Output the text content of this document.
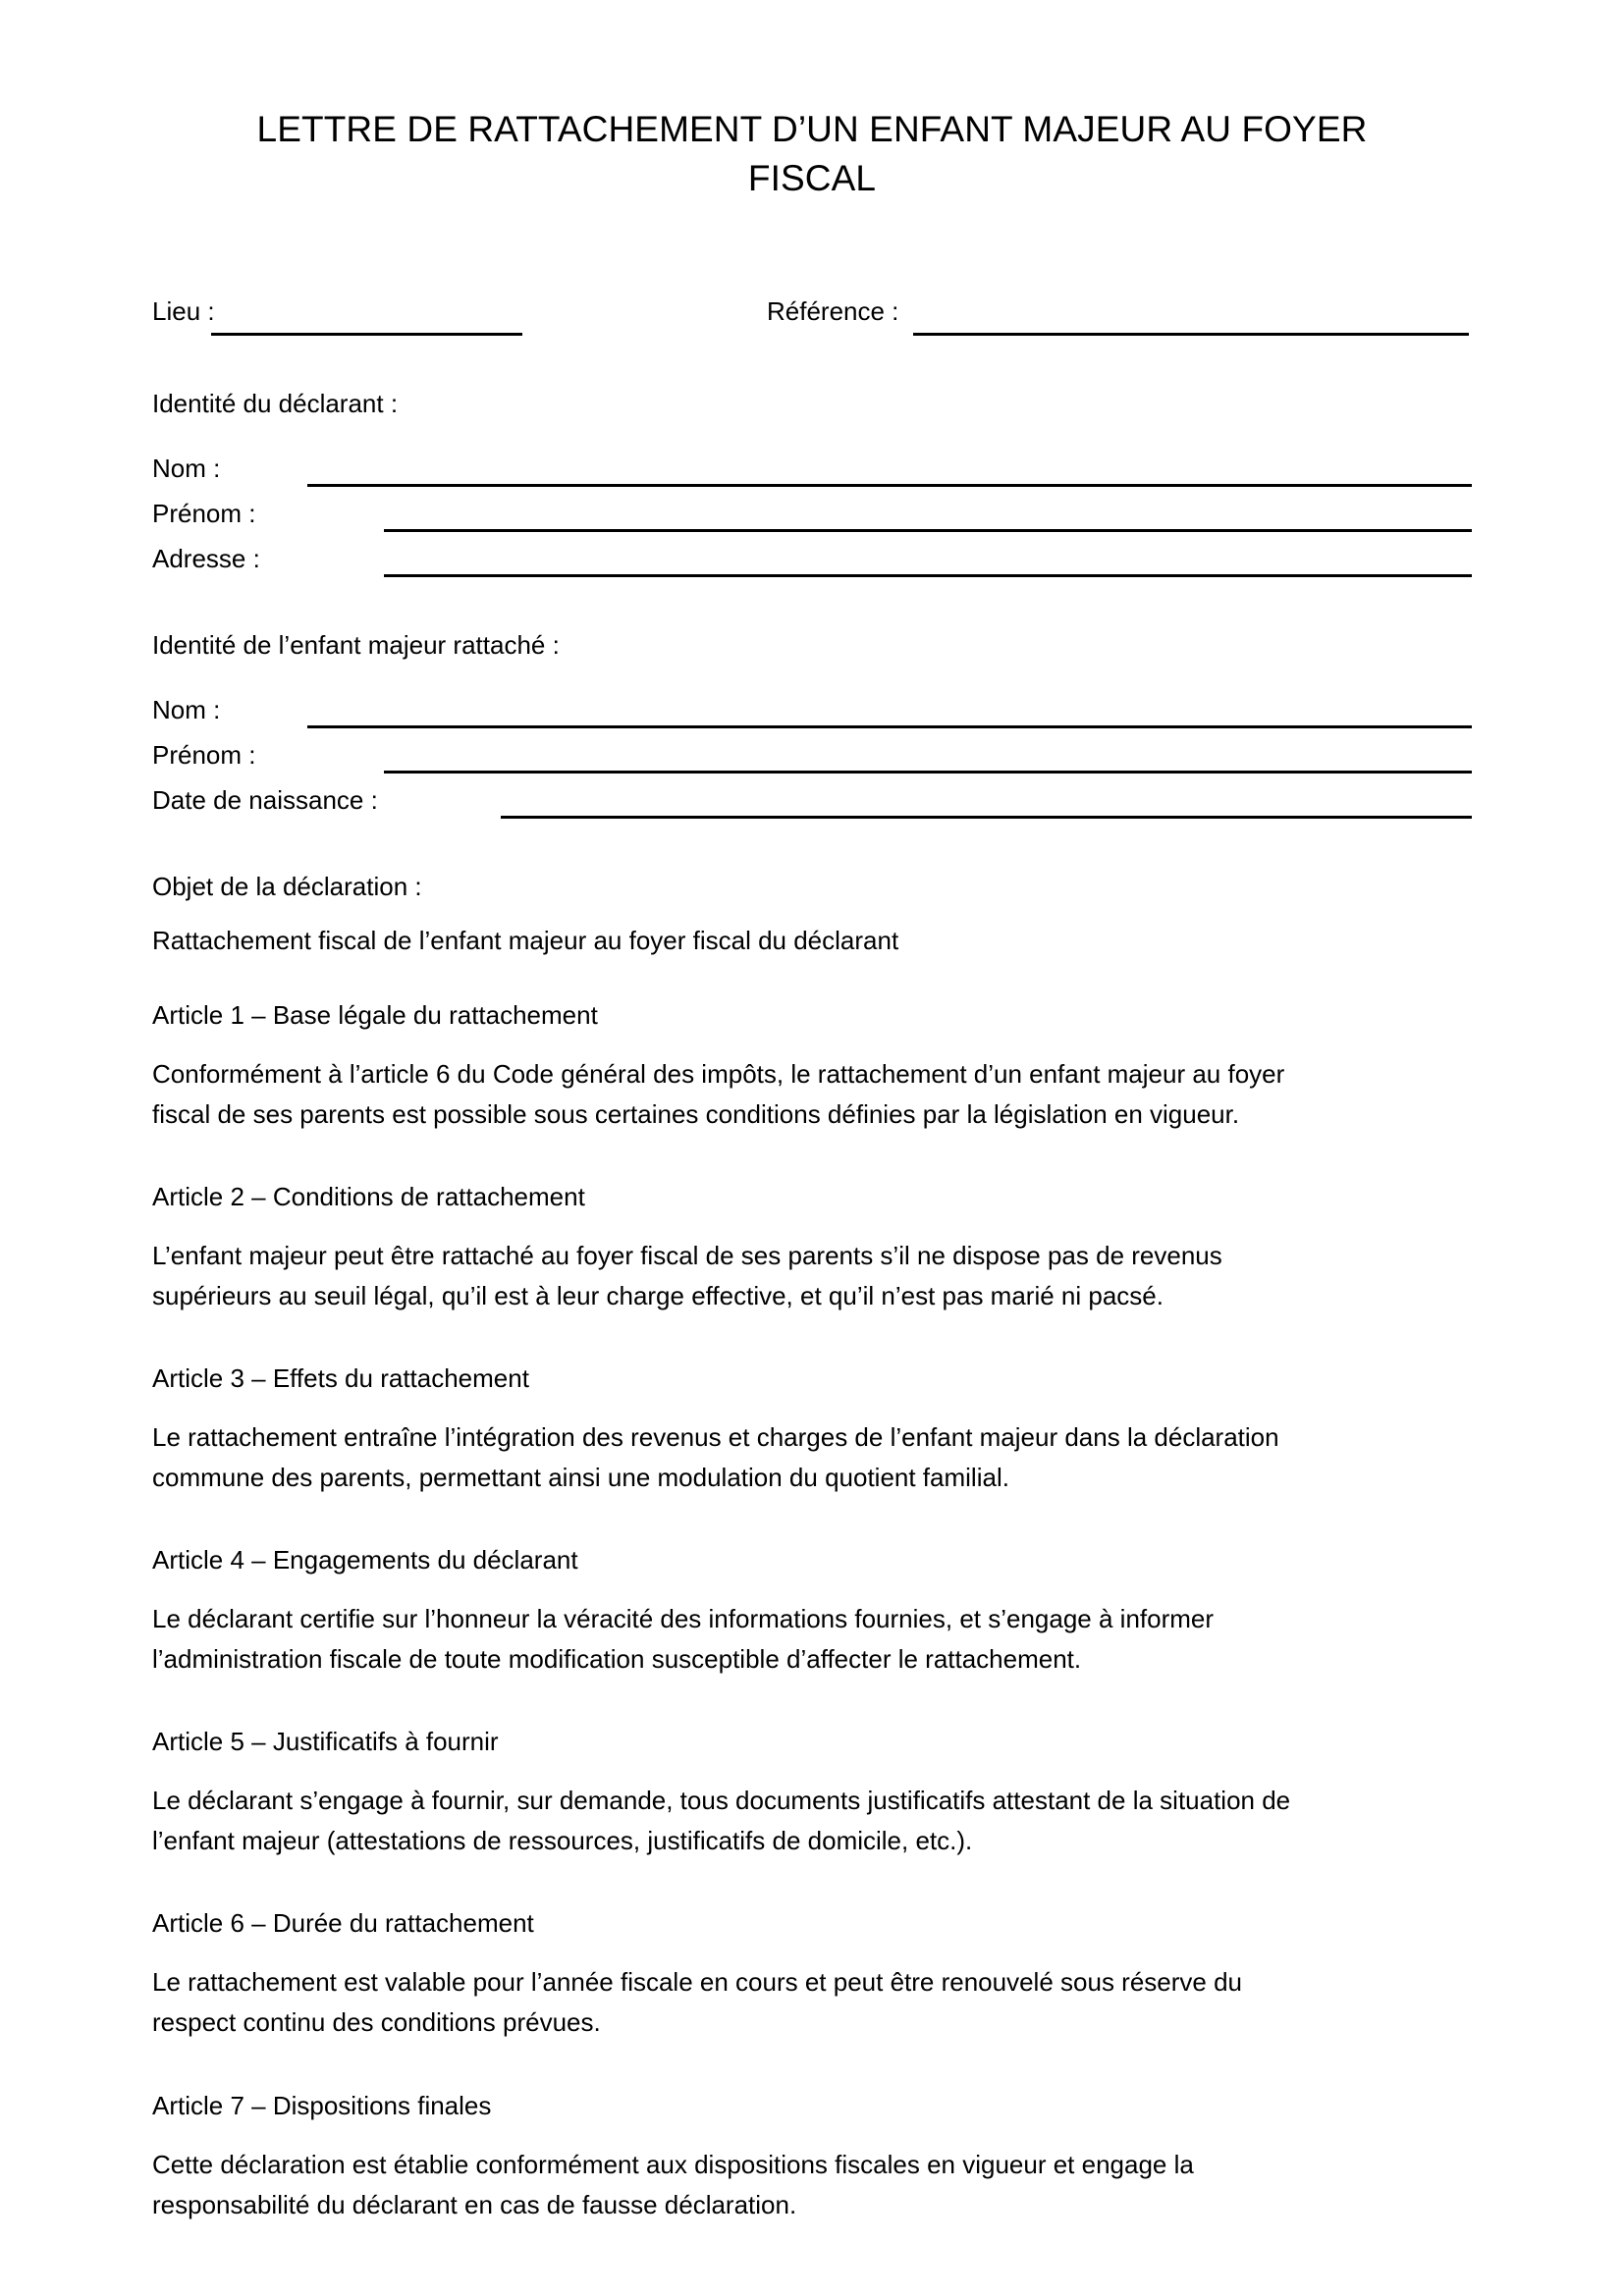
LETTRE DE RATTACHEMENT D’UN ENFANT MAJEUR AU FOYER FISCAL
Lieu :	Référence :
Identité du déclarant :
Nom :
Prénom :
Adresse :
Identité de l’enfant majeur rattaché :
Nom :
Prénom :
Date de naissance :
Objet de la déclaration :
Rattachement fiscal de l’enfant majeur au foyer fiscal du déclarant
Article 1 – Base légale du rattachement

Conformément à l’article 6 du Code général des impôts, le rattachement d’un enfant majeur au foyer fiscal de ses parents est possible sous certaines conditions définies par la législation en vigueur.

Article 2 – Conditions de rattachement

L’enfant majeur peut être rattaché au foyer fiscal de ses parents s’il ne dispose pas de revenus supérieurs au seuil légal, qu’il est à leur charge effective, et qu’il n’est pas marié ni pacsé.

Article 3 – Effets du rattachement

Le rattachement entraîne l’intégration des revenus et charges de l’enfant majeur dans la déclaration commune des parents, permettant ainsi une modulation du quotient familial.

Article 4 – Engagements du déclarant

Le déclarant certifie sur l’honneur la véracité des informations fournies, et s’engage à informer l’administration fiscale de toute modification susceptible d’affecter le rattachement.

Article 5 – Justificatifs à fournir

Le déclarant s’engage à fournir, sur demande, tous documents justificatifs attestant de la situation de l’enfant majeur (attestations de ressources, justificatifs de domicile, etc.).

Article 6 – Durée du rattachement

Le rattachement est valable pour l’année fiscale en cours et peut être renouvelé sous réserve du respect continu des conditions prévues.

Article 7 – Dispositions finales

Cette déclaration est établie conformément aux dispositions fiscales en vigueur et engage la responsabilité du déclarant en cas de fausse déclaration.
